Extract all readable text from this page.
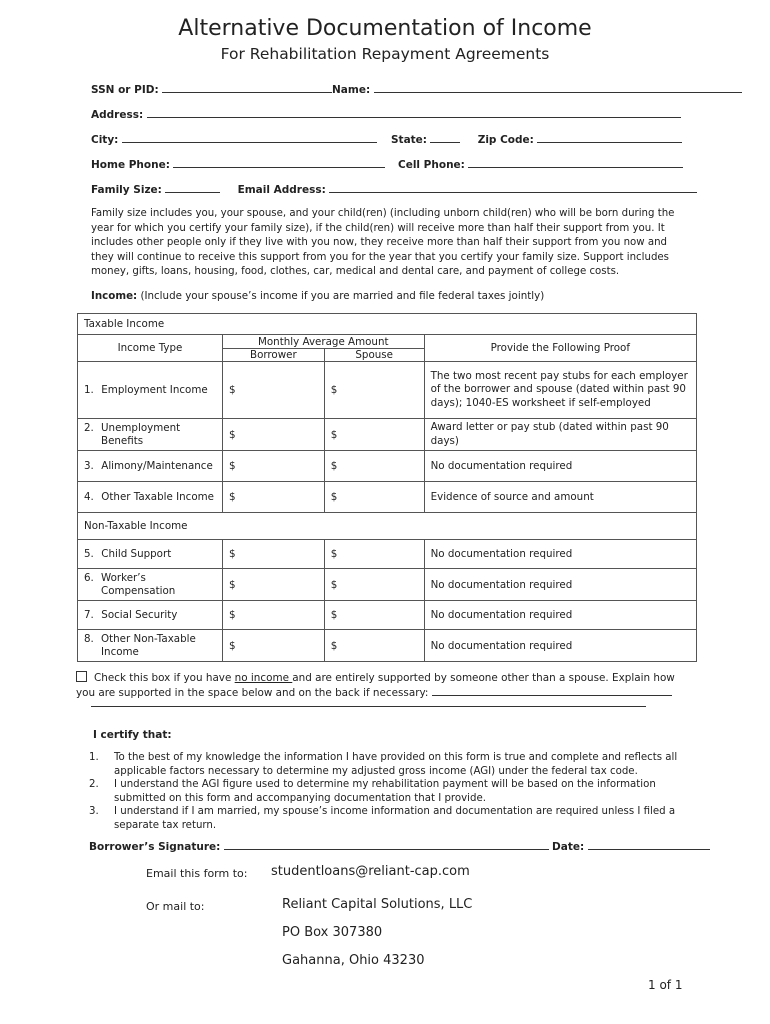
Alternative Documentation of Income
For Rehabilitation Repayment Agreements
SSN or PID:	Name:
Address:
City:	State:	Zip Code:
Home Phone:	Cell Phone:
Family Size:	Email Address:
Family size includes you, your spouse, and your child(ren) (including unborn child(ren) who will be born during the year for which you certify your family size), if the child(ren) will receive more than half their support from you. It includes other people only if they live with you now, they receive more than half their support from you now and they will continue to receive this support from you for the year that you certify your family size. Support includes money, gifts, loans, housing, food, clothes, car, medical and dental care, and payment of college costs.
Income: (Include your spouse’s income if you are married and file federal taxes jointly)
Taxable Income			
Income Type	Monthly Average Amount		Provide the Following Proof
	Borrower	Spouse	
1. Employment Income	$	$	The two most recent pay stubs for each employer of the borrower and spouse (dated within past 90 days); 1040-ES worksheet if self-employed

2. Unemployment Benefits	$	$	Award letter or pay stub (dated within past 90 days)
3. Alimony/Maintenance	$	$	No documentation required
4. Other Taxable Income	$	$	Evidence of source and amount
Non-Taxable Income			
5. Child Support	$	$	No documentation required

6. Worker’s Compensation	$	$	No documentation required
7. Social Security	$	$	No documentation required

8. Other Non-Taxable Income	$	$	No documentation required
Check this box if you have no income and are entirely supported by someone other than a spouse. Explain how you are supported in the space below and on the back if necessary:
I certify that:
1.	To the best of my knowledge the information I have provided on this form is true and complete and reflects all applicable factors necessary to determine my adjusted gross income (AGI) under the federal tax code.
2.	I understand the AGI figure used to determine my rehabilitation payment will be based on the information submitted on this form and accompanying documentation that I provide.
3.	I understand if I am married, my spouse’s income information and documentation are required unless I filed a separate tax return.
Borrower’s Signature:	Date:
Email this form to: studentloans@reliant-cap.com
Or mail to:	Reliant Capital Solutions, LLC
PO Box 307380
Gahanna, Ohio 43230
1 of 1
